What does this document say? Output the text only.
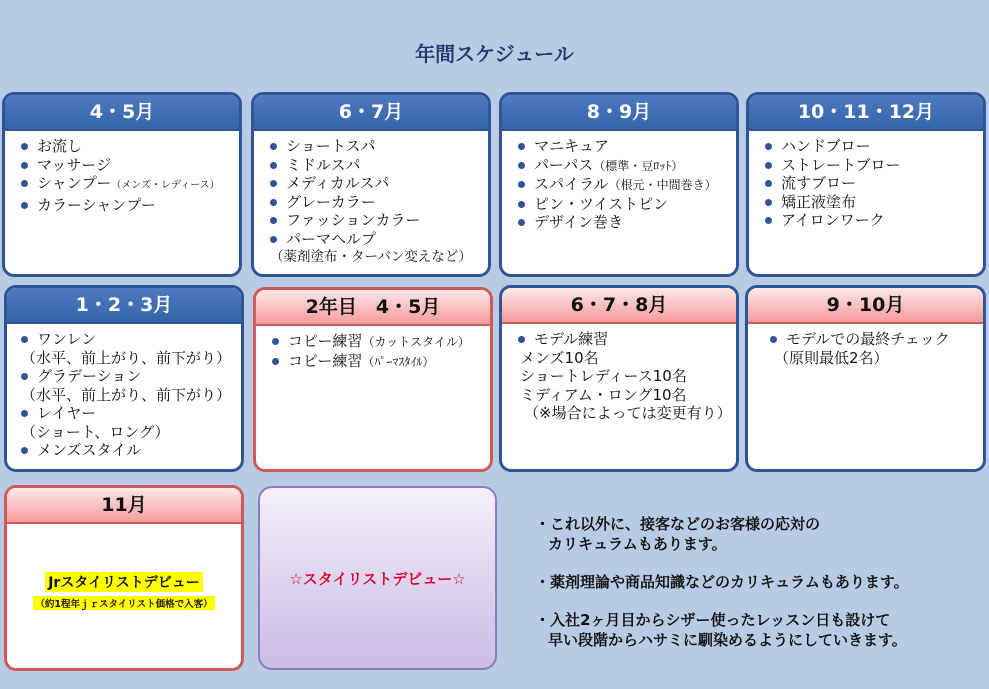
年間スケジュール
4・5月
お流し
マッサージ
シャンプー（メンズ・レディース）
カラーシャンプー
6・7月
ショートスパ
ミドルスパ
メディカルスパ
グレーカラー
ファッションカラー
パーマヘルプ
（薬剤塗布・ターバン変えなど）
8・9月
マニキュア
パーパス（標準・豆ﾛｯﾄ）
スパイラル（根元・中間巻き）
ピン・ツイストピン
デザイン巻き
10・11・12月
ハンドブロー
ストレートブロー
流すブロー
矯正液塗布
アイロンワーク
1・2・3月
ワンレン
（水平、前上がり、前下がり）
グラデーション
（水平、前上がり、前下がり）
レイヤー
（ショート、ロング）
メンズスタイル
2年目　4・5月
コピー練習（カットスタイル）
コピー練習（ﾊﾟｰﾏｽﾀｲﾙ）
6・7・8月
モデル練習
メンズ10名
ショートレディース10名
ミディアム・ロング10名
（※場合によっては変更有り）
9・10月
モデルでの最終チェック
（原則最低2名）
11月
Jrスタイリストデビュー
（約1程年ｊｒスタイリスト価格で入客）
☆スタイリストデビュー☆
・これ以外に、接客などのお客様の応対の
カリキュラムもあります。
・薬剤理論や商品知識などのカリキュラムもあります。
・入社2ヶ月目からシザー使ったレッスン日も設けて
早い段階からハサミに馴染めるようにしていきます。
